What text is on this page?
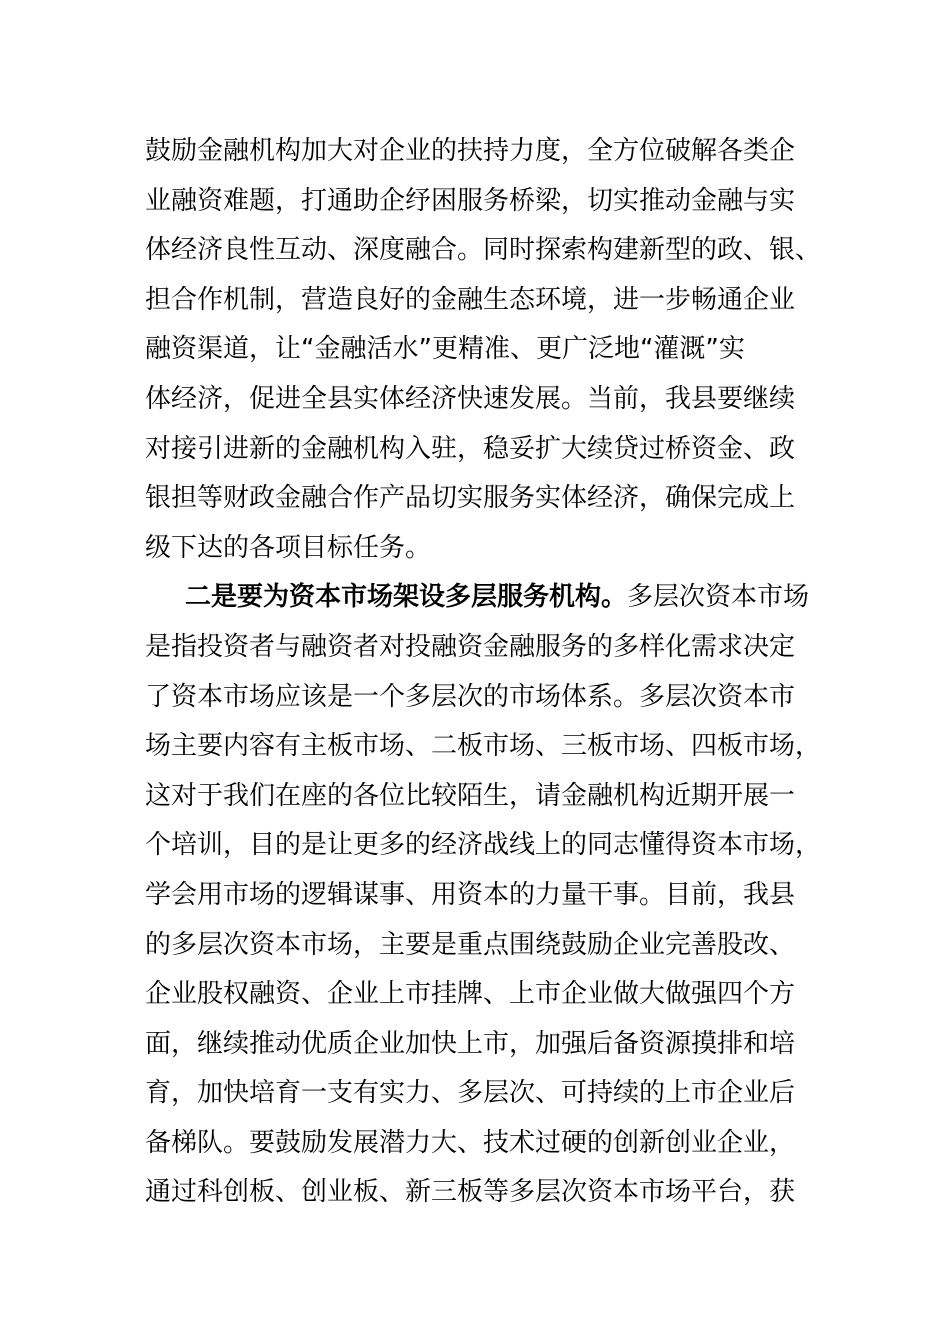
鼓励金融机构加大对企业的扶持力度，全方位破解各类企
业融资难题，打通助企纾困服务桥梁，切实推动金融与实
体经济良性互动、深度融合。同时探索构建新型的政、银、
担合作机制，营造良好的金融生态环境，进一步畅通企业
融资渠道，让“金融活水”更精准、更广泛地“灌溉”实
体经济，促进全县实体经济快速发展。当前，我县要继续
对接引进新的金融机构入驻，稳妥扩大续贷过桥资金、政
银担等财政金融合作产品切实服务实体经济，确保完成上
级下达的各项目标任务。
二是要为资本市场架设多层服务机构。多层次资本市场
是指投资者与融资者对投融资金融服务的多样化需求决定
了资本市场应该是一个多层次的市场体系。多层次资本市
场主要内容有主板市场、二板市场、三板市场、四板市场，
这对于我们在座的各位比较陌生，请金融机构近期开展一
个培训，目的是让更多的经济战线上的同志懂得资本市场，
学会用市场的逻辑谋事、用资本的力量干事。目前，我县
的多层次资本市场，主要是重点围绕鼓励企业完善股改、
企业股权融资、企业上市挂牌、上市企业做大做强四个方
面，继续推动优质企业加快上市，加强后备资源摸排和培
育，加快培育一支有实力、多层次、可持续的上市企业后
备梯队。要鼓励发展潜力大、技术过硬的创新创业企业，
通过科创板、创业板、新三板等多层次资本市场平台，获
